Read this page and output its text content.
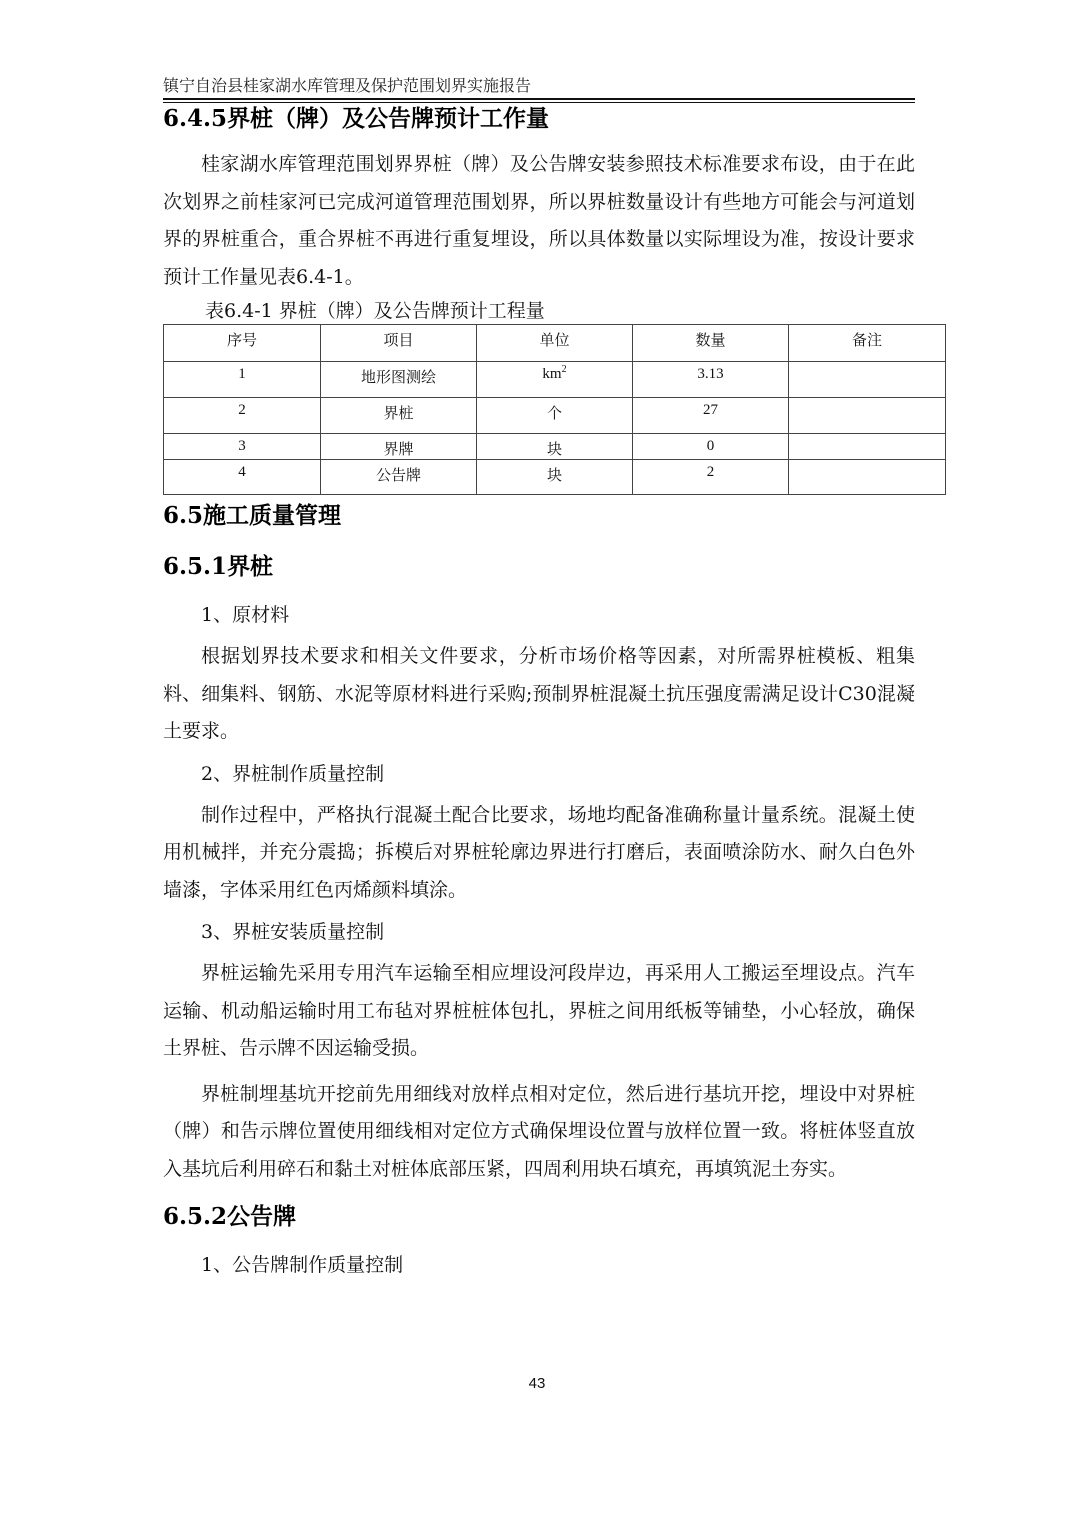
镇宁自治县桂家湖水库管理及保护范围划界实施报告
6.4.5界桩（牌）及公告牌预计工作量

桂家湖水库管理范围划界界桩（牌）及公告牌安装参照技术标准要求布设，由于在此次划界之前桂家河已完成河道管理范围划界，所以界桩数量设计有些地方可能会与河道划界的界桩重合，重合界桩不再进行重复埋设，所以具体数量以实际埋设为准，按设计要求预计工作量见表6.4-1。

表6.4-1 界桩（牌）及公告牌预计工程量
序号	项目	单位	数量	备注
1	地形图测绘	$km^2$	3.13	
2	界桩	个	27	
3	界牌	块	0	
4	公告牌	块	2	
6.5施工质量管理
6.5.1界桩

1、原材料

根据划界技术要求和相关文件要求，分析市场价格等因素，对所需界桩模板、粗集料、细集料、钢筋、水泥等原材料进行采购;预制界桩混凝土抗压强度需满足设计C30混凝土要求。

2、界桩制作质量控制

制作过程中，严格执行混凝土配合比要求，场地均配备准确称量计量系统。混凝土使用机械拌，并充分震捣；拆模后对界桩轮廓边界进行打磨后，表面喷涂防水、耐久白色外墙漆，字体采用红色丙烯颜料填涂。

3、界桩安装质量控制

界桩运输先采用专用汽车运输至相应埋设河段岸边，再采用人工搬运至埋设点。汽车运输、机动船运输时用工布毡对界桩桩体包扎，界桩之间用纸板等铺垫，小心轻放，确保土界桩、告示牌不因运输受损。

界桩制埋基坑开挖前先用细线对放样点相对定位，然后进行基坑开挖，埋设中对界桩（牌）和告示牌位置使用细线相对定位方式确保埋设位置与放样位置一致。将桩体竖直放入基坑后利用碎石和黏土对桩体底部压紧，四周利用块石填充，再填筑泥土夯实。

6.5.2公告牌

1、公告牌制作质量控制

43
